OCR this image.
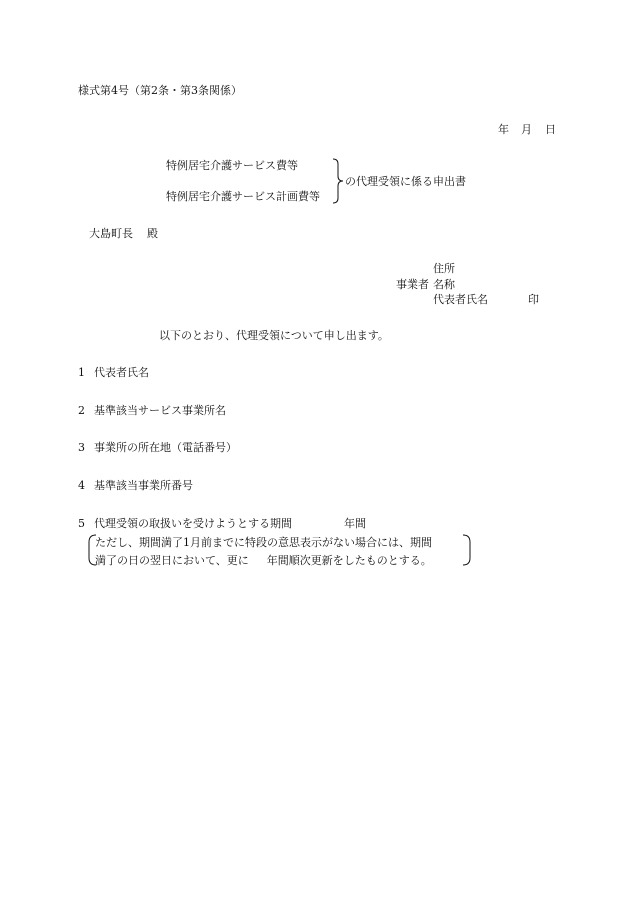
様式第4号（第2条・第3条関係）
年 月 日
特例居宅介護サービス費等
特例居宅介護サービス計画費等
の代理受領に係る申出書
大島町長 殿
住所
事業者 名称
代表者氏名	印
以下のとおり、代理受領について申し出ます。
1 代表者氏名
2 基準該当サービス事業所名
3 事業所の所在地（電話番号）
4 基準該当事業所番号
5 代理受領の取扱いを受けようとする期間	年間
ただし、期間満了1月前までに特段の意思表示がない場合には、期間
満了の日の翌日において、更に 年間順次更新をしたものとする。
